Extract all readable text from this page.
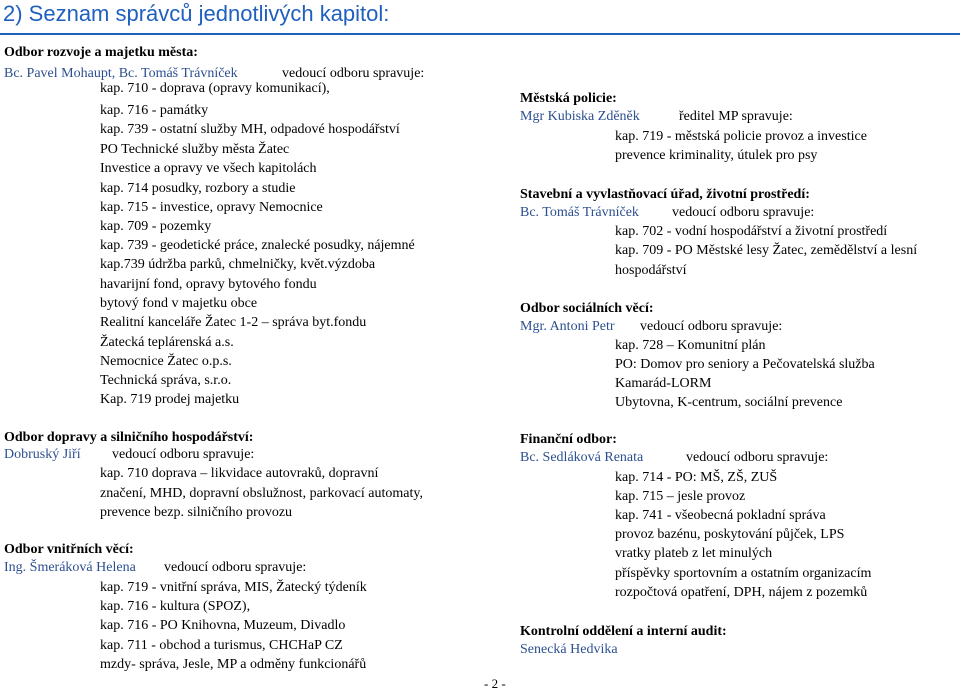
2) Seznam správců jednotlivých kapitol:
Odbor rozvoje a majetku města:
Bc. Pavel Mohaupt, Bc. Tomáš Trávníček	vedoucí odboru spravuje:
kap. 710 - doprava (opravy komunikací),
kap. 716 - památky
kap. 739 - ostatní služby MH, odpadové hospodářství
PO Technické služby města Žatec
Investice a opravy ve všech kapitolách
kap. 714 posudky, rozbory a studie
kap. 715 - investice, opravy Nemocnice
kap. 709 - pozemky
kap. 739 - geodetické práce, znalecké posudky, nájemné
kap.739 údržba parků, chmelničky, květ.výzdoba
havarijní fond, opravy bytového fondu
bytový fond v majetku obce
Realitní kanceláře Žatec 1-2 – správa byt.fondu
Žatecká teplárenská a.s.
Nemocnice Žatec o.p.s.
Technická správa, s.r.o.
Kap. 719 prodej majetku
Odbor dopravy a silničního hospodářství:
Dobruský Jiří vedoucí odboru spravuje:
kap. 710 doprava – likvidace autovraků, dopravní
značení, MHD, dopravní obslužnost, parkovací automaty,
prevence bezp. silničního provozu
Odbor vnitřních věcí:
Ing. Šmeráková Helena vedoucí odboru spravuje:
kap. 719 - vnitřní správa, MIS, Žatecký týdeník
kap. 716 - kultura (SPOZ),
kap. 716 - PO Knihovna, Muzeum, Divadlo
kap. 711 - obchod a turismus, CHCHaP CZ
mzdy- správa, Jesle, MP a odměny funkcionářů
Městská policie:
Mgr Kubiska Zděněk	ředitel MP spravuje:
kap. 719 - městská policie provoz a investice
prevence kriminality, útulek pro psy
Stavební a vyvlastňovací úřad, životní prostředí:
Bc. Tomáš Trávníček vedoucí odboru spravuje:
kap. 702 - vodní hospodářství a životní prostředí
kap. 709 - PO Městské lesy Žatec, zemědělství a lesní
hospodářství
Odbor sociálních věcí:
Mgr. Antoni Petr vedoucí odboru spravuje:
kap. 728 – Komunitní plán
PO: Domov pro seniory a Pečovatelská služba
Kamarád-LORM
Ubytovna, K-centrum, sociální prevence
Finanční odbor:
Bc. Sedláková Renata	vedoucí odboru spravuje:
kap. 714 - PO: MŠ, ZŠ, ZUŠ
kap. 715 – jesle provoz
kap. 741 - všeobecná pokladní správa
provoz bazénu, poskytování půjček, LPS
vratky plateb z let minulých
příspěvky sportovním a ostatním organizacím
rozpočtová opatření, DPH, nájem z pozemků
Kontrolní oddělení a interní audit:
Senecká Hedvika
- 2 -
